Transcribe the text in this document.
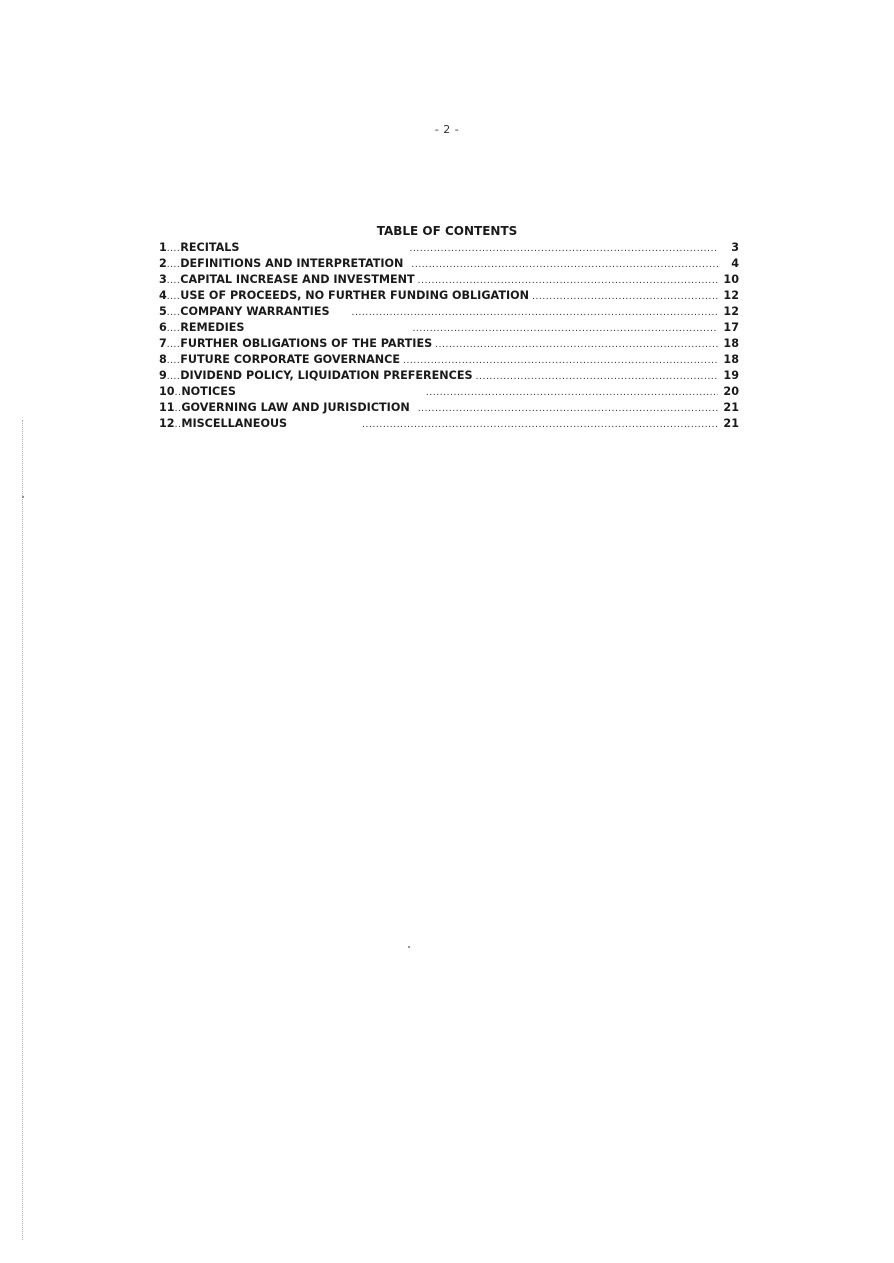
- 2 -
TABLE OF CONTENTS
1.... RECITALS .....	3
2.... DEFINITIONS AND INTERPRETATION .....	4
3.... CAPITAL INCREASE AND INVESTMENT .....	10
4.... USE OF PROCEEDS, NO FURTHER FUNDING OBLIGATION .....	12
5.... COMPANY WARRANTIES .....	12
6.... REMEDIES .....	17
7.... FURTHER OBLIGATIONS OF THE PARTIES .....	18
8.... FUTURE CORPORATE GOVERNANCE .....	18
9.... DIVIDEND POLICY, LIQUIDATION PREFERENCES .....	19
10.. NOTICES .....	20
11.. GOVERNING LAW AND JURISDICTION .....	21
12.. MISCELLANEOUS .....	21
